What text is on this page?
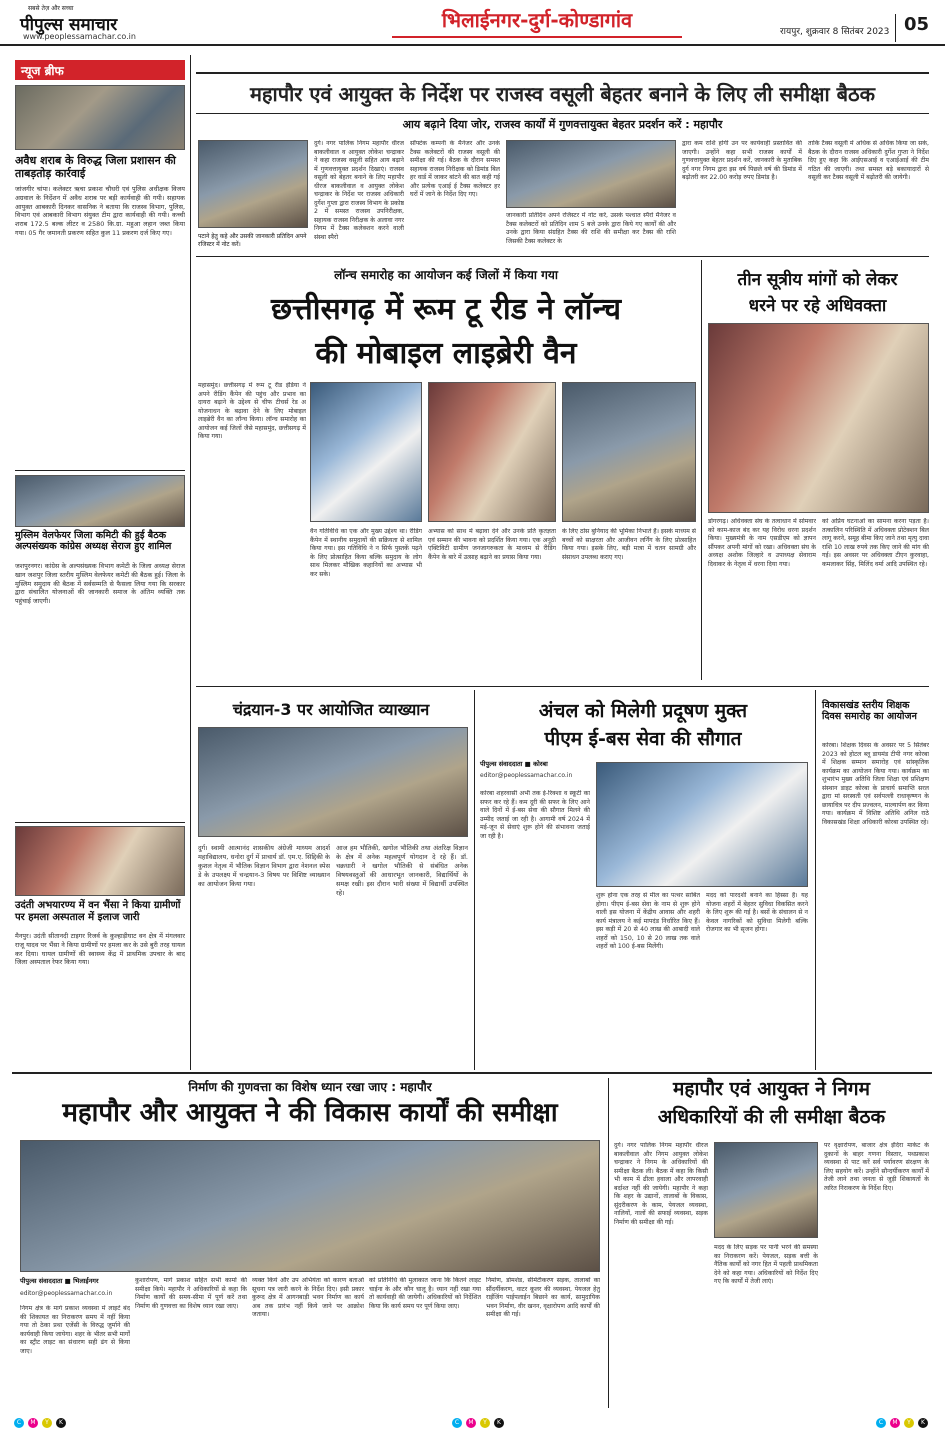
सबसे तेज़ और सच्चा
पीपुल्स समाचार
www.peoplessamachar.co.in
भिलाईनगर-दुर्ग-कोण्डागांव	रायपुर, शुक्रवार 8 सितंबर 2023 05
न्यूज ब्रीफ
अवैध शराब के विरुद्ध जिला प्रशासन की ताबड़तोड़ कार्रवाई
जांजगीर चांपा। कलेक्टर ऋचा प्रकाश चौधरी एवं पुलिस अधीक्षक विजय अग्रवाल के निर्देशन में अवैध शराब पर बड़ी कार्यवाही की गयी। सहायक आयुक्त आबकारी दिनकर वासनिक ने बताया कि राजस्व विभाग, पुलिस, विभाग एवं आबकारी विभाग संयुक्त टीम द्वारा कार्यवाही की गयी। कच्ची शराब 172.5 बल्क लीटर व 2580 कि.ग्रा. महुआ लहान जब्त किया गया। 05 गैर जमानती प्रकरण सहित कुल 11 प्रकरण दर्ज किए गए।
मुस्लिम वेलफेयर जिला कमिटी की हुई बैठक अल्पसंख्यक कांग्रेस अध्यक्ष सेराज हुए शामिल
जशपुरनगर। कांग्रेस के अल्पसंख्यक विभाग कमेटी के जिला अध्यक्ष सेराज खान जशपुर जिला स्तरीय मुस्लिम वेलफेयर कमेटी की बैठक हुई। जिला के मुस्लिम समुदाय की बैठक में सर्वसम्मति से फैसला लिया गया कि सरकार द्वारा संचालित योजनाओं की जानकारी समाज के अंतिम व्यक्ति तक पहुंचाई जाएगी।
उदंती अभयारण्य में वन भैंसा ने किया ग्रामीणों पर हमला अस्पताल में इलाज जारी
मैनपुर। उदंती सीतानदी टाइगर रिजर्व के कुल्हाड़ीघाट वन क्षेत्र में मंगलवार राजू यादव पर भैंसा ने किया ग्रामीणों पर हमला कर के उसे बुरी तरह घायल कर दिया। घायल ग्रामीणों की स्वास्थ्य केंद्र में प्राथमिक उपचार के बाद जिला अस्पताल रेफर किया गया।
महापौर एवं आयुक्त के निर्देश पर राजस्व वसूली बेहतर बनाने के लिए ली समीक्षा बैठक
आय बढ़ाने दिया जोर, राजस्व कार्यों में गुणवत्तायुक्त बेहतर प्रदर्शन करें : महापौर
दुर्ग। नगर पालिक निगम महापौर धीरज बाकलीवाल व आयुक्त लोकेश चन्द्राकर ने कहा राजस्व वसूली सहित आय बढ़ाने में गुणवत्तायुक्त प्रदर्शन दिखाएं। राजस्व वसूली को बेहतर बनाने के लिए महापौर धीरज बाकलीवाल व आयुक्त लोकेश चन्द्राकर के निर्देश पर राजस्व अधिकारी दुर्गेश गुप्ता द्वारा राजस्व विभाग के प्रकोष्ठ 2 में समस्त राजस्व उपनिरीक्षक, सहायक राजस्व निरीक्षक के अलावा नगर निगम में टैक्स कलेक्शन करने वाली संस्था स्पैरो
सॉफ्टेक कम्पनी के मैनेजर और उनके टैक्स कलेक्टरों की राजस्व वसूली की समीक्षा की गई। बैठक के दौरान समस्त सहायक राजस्व निरीक्षक को डिमांड बिल हर वार्ड में जाकर बांटने की बात कही गई और प्रत्येक एआई ई टैक्स कलेक्टर हर घरों में जाने के निर्देश दिए गए।
जानकारी प्रतिदिन अपने रजिस्टर में नोट करें, उसके पश्चात स्पैरो मैनेजर व टैक्स कलेक्टरों को प्रतिदिन शाम 5 बजे उनके द्वारा किये गए कार्यों की और उनके द्वारा किया संग्रहित टैक्स की राशि की समीक्षा कर टैक्स की राशि जिसकी टैक्स कलेक्टर के
द्वारा कम राशि होगी उन पर कार्यवाही प्रस्तावित की जाएगी। उन्होंने कहा सभी राजस्व कार्यों में गुणवत्तायुक्त बेहतर प्रदर्शन करें, जानकारी के मुताबिक दुर्ग नगर निगम द्वारा इस वर्ष पिछले वर्ष की डिमांड में बढ़ोतरी कर 22.00 करोड़ रुपए डिमांड है।
ताकि टैक्स वसूली में अधिक से अधिक किया जा सके, बैठक के दौरान राजस्व अधिकारी दुर्गेश गुप्ता ने निर्देश दिए हुए कहा कि आईएसआई व एआईआई की टीम गठित की जाएगी। तथा समस्त बड़े बकायादारों से वसूली कर टैक्स वसूली में बढ़ोतरी की जायेगी।
पटाने हेतु कहे और उसकी जानकारी प्रतिदिन अपने रजिस्टर में नोट करें।
लॉन्च समारोह का आयोजन कई जिलों में किया गया
छत्तीसगढ़ में रूम टू रीड ने लॉन्च
की मोबाइल लाइब्रेरी वैन
महासमुंद। छत्तीसगढ़ में रूम टू रीड इंडिया ने अपने रीडिंग कैंपेन की पहुंच और प्रभाव का दायरा बढ़ाने के उद्देश्य से चीफ टीचर्स रेड अ योजनाधन के बढ़ावा देने के लिए मोबाइल लाइब्रेरी वैन का लॉन्च किया। लॉन्च समारोह का आयोजन कई जिलों जैसे महासमुंद, छत्तीसगढ़ में किया गया।
वैन गतिविधि का एक और मुख्य उद्देश्य था। रीडिंग कैंपेन में स्थानीय समुदायों की सक्रियता से शामिल किया गया। इस गतिविधि ने न सिर्फ पुस्तकें पढ़ने के लिए प्रोत्साहित किया बल्कि समुदाय के लोग साथ मिलकर मौखिक कहानियों का अभ्यास भी कर सके।
अभ्यास को साथ में बढ़ावा देने और उनके प्रति कृतज्ञता एवं सम्मान की भावना को प्रदर्शित किया गया। एक अनूठी एक्टिविटी ग्रामीण जनजागरुकता के माध्यम से रीडिंग कैंपेन के बारे में उत्साह बढ़ाने का प्रयास किया गया।
के लिए ठोस बुनियाद की भूमिका निभाते हैं। इसके माध्यम से बच्चों को साक्षरता और आजीवन लर्निंग के लिए प्रोत्साहित किया गया। इसके लिए, बड़ी मात्रा में चतन सामग्री और संसाधन उपलब्ध कराए गए।
तीन सूत्रीय मांगों को लेकर
धरने पर रहे अधिवक्ता
डोंगरगढ़। अधिवक्ता संघ के तत्वाधान में सोमवार को काम-काज बंद कर यह विरोध धरना प्रदर्शन किया। मुख्यमंत्री के नाम एसडीएम को ज्ञापन सौंपकर अपनी मांगों को रखा। अधिवक्ता संघ के अध्यक्ष अशोक जिल्हारे व उपाध्यक्ष सेवाराम दिवाकर के नेतृत्व में धरना दिया गया।
को अप्रिय घटनाओं का सामना करना पड़ता है। तत्कालिन परिस्थिति में अधिवक्ता प्रोटेक्शन बिल लागू करने, समूह बीमा किए जाने तथा मृत्यु दावा राशि 10 लाख रुपये तक किए जाने की मांग की गई। इस अवसर पर अधिवक्ता टीएन कुरवाहा, कमलाकर सिंह, मिलिंद वर्मा आदि उपस्थित रहे।
चंद्रयान-3 पर आयोजित व्याख्यान
दुर्ग। स्वामी आत्मानंद शासकीय अंग्रेजी माध्यम आदर्श महाविद्यालय, धनोरा दुर्ग में प्राचार्य डॉ. एम.ए. सिद्दिकी के कुशल नेतृत्व में भौतिक विज्ञान विभाग द्वारा नेशनल स्पेस डे के उपलक्ष्य में चन्द्रयान-3 विषय पर विशिष्ट व्याख्यान का आयोजन किया गया।
आज हम भौतिकी, खगोल भौतिकी तथा अंतरिक्ष विज्ञान के क्षेत्र में अनेक महत्वपूर्ण योगदान दे रहे हैं। डॉ. चक्रधारी ने खगोल भौतिकी से संबंधित अनेक विषयवस्तुओं की आधारभूत जानकारी, विद्यार्थियों के समक्ष रखी। इस दौरान भारी संख्या में विद्यार्थी उपस्थित रहे।
अंचल को मिलेगी प्रदूषण मुक्त
पीएम ई-बस सेवा की सौगात
पीपुल्स संवाददाता ■ कोरबा
editor@peoplessamachar.co.in
कोरबा शहरवासी अभी तक ई-रिक्शा व स्कूटी का सफर कर रहे हैं। कम दूरी की सफर के लिए आने वाले दिनों में ई-बस सेवा की सौगात मिलने की उम्मीद जताई जा रही है। आगामी वर्ष 2024 में मई-जून से सेवाएं शुरू होने की संभावना जताई जा रही है।
शुरू होना एक तरह से मील का पत्थर साबित होगा। पीएम ई-बस सेवा के नाम से शुरू होने वाली इस योजना में केंद्रीय आवास और शहरी कार्य मंत्रालय ने कई मापदंड निर्धारित किए हैं। इस कड़ी में 20 से 40 लाख की आबादी वाले शहरों को 150, 10 से 20 लाख तक वाले शहरों को 100 ई-बस मिलेंगी।
मदद को पारदर्शी बनाने का हिस्सा है। यह योजना शहरों में बेहतर सुविधा विकसित करने के लिए शुरू की गई है। बसों के संचालन से न केवल नागरिकों को सुविधा मिलेगी बल्कि रोजगार का भी सृजन होगा।
विकासखंड स्तरीय शिक्षक दिवस समारोह का आयोजन
कोरबा। शिक्षक दिवस के अवसर पर 5 सितंबर 2023 को होटल ब्लू डायमंड टीपी नगर कोरबा में शिक्षक सम्मान समारोह एवं सांस्कृतिक कार्यक्रम का आयोजन किया गया। कार्यक्रम का शुभारंभ मुख्य अतिथि जिला शिक्षा एवं प्रशिक्षण संस्थान डाइट कोरबा के प्राचार्य समाप्ति सरल द्वारा मां सरस्वती एवं सर्वपल्ली राधाकृष्णन के छायाचित्र पर दीप प्रज्वलन, माल्यार्पण कर किया गया। कार्यक्रम में विशिष्ट अतिथि अनिल राठे विकासखंड शिक्षा अधिकारी कोरबा उपस्थित रहे।
निर्माण की गुणवत्ता का विशेष ध्यान रखा जाए : महापौर
महापौर और आयुक्त ने की विकास कार्यों की समीक्षा
पीपुल्स संवाददाता ■ भिलाईनगर
editor@peoplessamachar.co.in
निगम क्षेत्र के मार्ग प्रकाश व्यवस्था में लाइटें बंद की शिकायत का निराकरण समय में नहीं किया गया तो ठेका प्रथा एजेंसी के विरुद्ध जुर्माने की कार्यवाही किया जायेगा। शहर के भीतर सभी मार्गों का स्ट्रीट लाइट का संधारण सही ढंग से किया जाए।
कुशारोपण, मार्ग प्रकाश सहित सभी कामों की समीक्षा किये। महापौर ने अधिकारियों से कहा कि निर्माण कार्यों की समय-सीमा में पूर्ण करें तथा निर्माण की गुणवत्ता का विशेष ध्यान रखा जाए।
व्यक्त किये और उप अभियंता को कारण बताओ सूचना पत्र जारी करने के निर्देश दिए। इसी प्रकार कुरूद क्षेत्र में आगनबाड़ी भवन निर्माण का कार्य अब तक प्रारंभ नहीं किये जाने पर आक्रोश जताया।
को प्रतिनिधि की मुलाकात जाना कि कितने लाइट चाईना के और कौन चालू है। ध्यान नहीं रखा गया तो कार्यवाही की जायेगी। अधिकारियों को निर्देशित किया कि कार्य समय पर पूर्ण किया जाए।
निर्माण, डोमशेड, सीमेंटीकरण सड़क, तालाबों का सौंदर्यीकरण, वाटर कूलर की व्यवस्था, पेयजल हेतु राईजिंग पाईपलाईन बिछाने का कार्य, सामुदायिक भवन निर्माण, वीर खनन, वृक्षारोपण आदि कार्यों की समीक्षा की गई।
महापौर एवं आयुक्त ने निगम
अधिकारियों की ली समीक्षा बैठक
दुर्ग। नगर पालिक निगम महापौर धीरज बाकलीवाल और निगम आयुक्त लोकेश चन्द्राकर ने निगम के अधिकारियों की समीक्षा बैठक ली। बैठक में कहा कि किसी भी काम में ढीला हवाला और लापरवाही बर्दाश्त नहीं की जायेगी। महापौर ने कहा कि शहर के उद्यानों, तालाबों के विकास, सुंदरीकरण के काम, पेयजल व्यवस्था, नालियों, नालों की सफाई व्यवस्था, सड़क निर्माण की समीक्षा की गई।
मदद के लिए सड़क पर पानी भरने की समस्या का निराकरण करें। पेयजल, सड़क बत्ती के नैतिक कार्यों को नगर हित में पहली प्राथमिकता देने को कहा गया। अधिकारियों को निर्देश दिए गए कि कार्यों में तेजी लाएं।
पर वृक्षारोपण, बाजार क्षेत्र इंदिरा मार्केट के दुकानों के बाहर गणना विस्तार, पथप्रकाश व्यवस्था से पाट करें सर्व पर्यावरण संरक्षण के लिए सहयोग करें। उन्होंने सौन्दर्यीकरण कार्यों में तेजी लाने तथा जनता से जुड़ी शिकायतों के त्वरित निराकरण के निर्देश दिए।
C	M	Y	K	C	M	Y	K	C	M	Y	K
